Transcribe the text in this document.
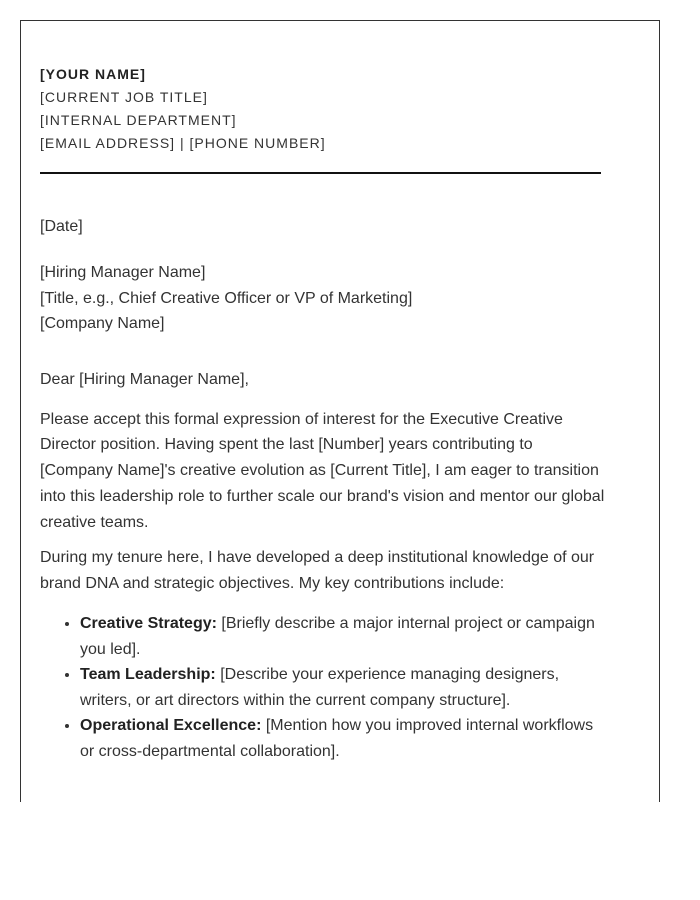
[YOUR NAME]
[CURRENT JOB TITLE]
[INTERNAL DEPARTMENT]
[EMAIL ADDRESS] | [PHONE NUMBER]

[Date]

[Hiring Manager Name]
[Title, e.g., Chief Creative Officer or VP of Marketing]
[Company Name]

Dear [Hiring Manager Name],

Please accept this formal expression of interest for the Executive Creative Director position. Having spent the last [Number] years contributing to [Company Name]'s creative evolution as [Current Title], I am eager to transition into this leadership role to further scale our brand's vision and mentor our global creative teams.

During my tenure here, I have developed a deep institutional knowledge of our brand DNA and strategic objectives. My key contributions include:

• Creative Strategy: [Briefly describe a major internal project or campaign you led].
• Team Leadership: [Describe your experience managing designers, writers, or art directors within the current company structure].
• Operational Excellence: [Mention how you improved internal workflows or cross-departmental collaboration].
